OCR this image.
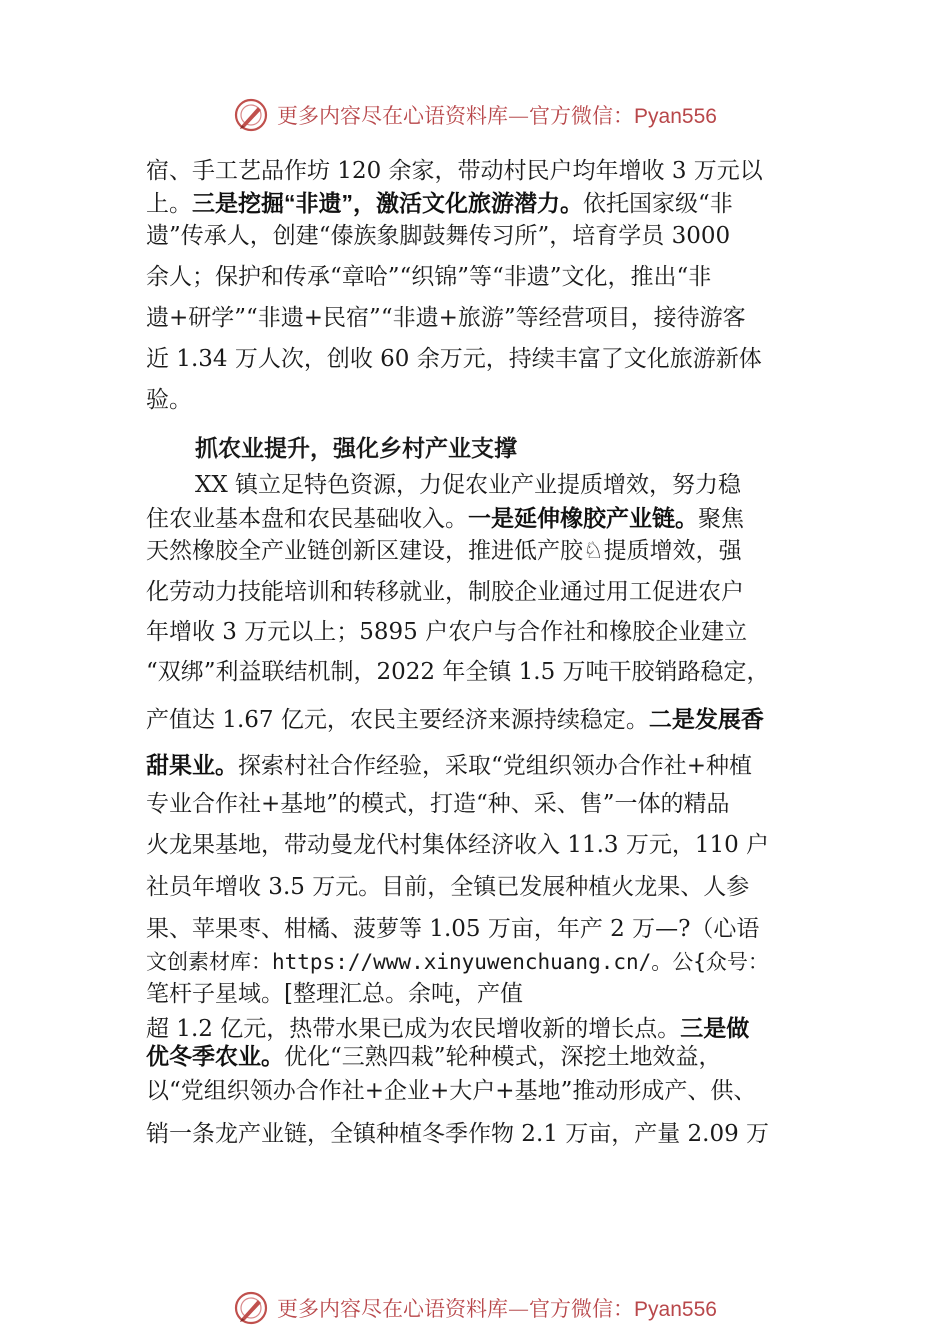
更多内容尽在心语资料库—官方微信：Pyan556
宿、手工艺品作坊 120 余家，带动村民户均年增收 3 万元以
上。三是挖掘“非遗”，激活文化旅游潜力。依托国家级“非
遗”传承人，创建“傣族象脚鼓舞传习所”，培育学员 3000
余人；保护和传承“章哈”“织锦”等“非遗”文化，推出“非
遗+研学”“非遗+民宿”“非遗+旅游”等经营项目，接待游客
近 1.34 万人次，创收 60 余万元，持续丰富了文化旅游新体
验。
抓农业提升，强化乡村产业支撑
XX 镇立足特色资源，力促农业产业提质增效，努力稳
住农业基本盘和农民基础收入。一是延伸橡胶产业链。聚焦
天然橡胶全产业链创新区建设，推进低产胶♘提质增效，强
化劳动力技能培训和转移就业，制胶企业通过用工促进农户
年增收 3 万元以上；5895 户农户与合作社和橡胶企业建立
“双绑”利益联结机制，2022 年全镇 1.5 万吨干胶销路稳定，
产值达 1.67 亿元，农民主要经济来源持续稳定。二是发展香
甜果业。探索村社合作经验，采取“党组织领办合作社+种植
专业合作社+基地”的模式，打造“种、采、售”一体的精品
火龙果基地，带动曼龙代村集体经济收入 11.3 万元，110 户
社员年增收 3.5 万元。目前，全镇已发展种植火龙果、人参
果、苹果枣、柑橘、菠萝等 1.05 万亩，年产 2 万—?（心语
文创素材库：https://www.xinyuwenchuang.cn/。公{众号：
笔杆子星域。[整理汇总。余吨，产值
超 1.2 亿元，热带水果已成为农民增收新的增长点。三是做
优冬季农业。优化“三熟四栽”轮种模式，深挖土地效益，
以“党组织领办合作社+企业+大户+基地”推动形成产、供、
销一条龙产业链，全镇种植冬季作物 2.1 万亩，产量 2.09 万
更多内容尽在心语资料库—官方微信：Pyan556
